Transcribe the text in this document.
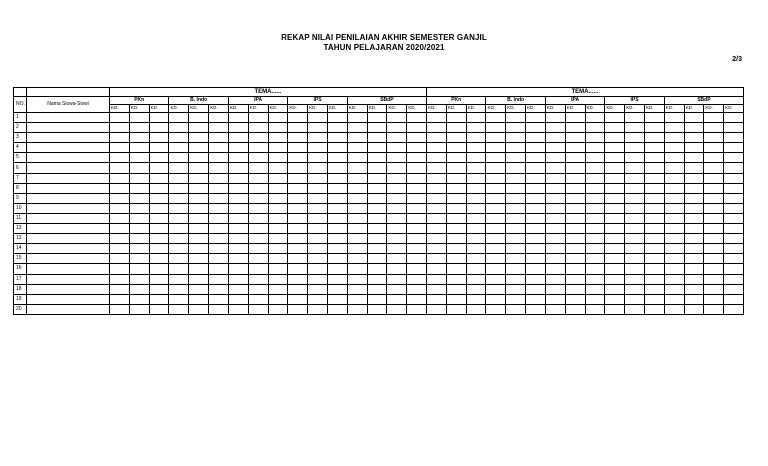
REKAP NILAI PENILAIAN AKHIR SEMESTER GANJIL
TAHUN PELAJARAN 2020/2021
2/3
		TEMA......																TEMA......															
NO.	Nama Siswa-Siswi	PKn			B. Indo			IPA			IPS			SBdP				PKn			B. Indo			IPA			IPS			SBdP			
		KD.	KD.	KD.	KD.	KD.	KD.	KD.	KD.	KD.	KD.	KD.	KD.	KD.	KD.	KD.	KD.	KD.	KD.	KD.	KD.	KD.	KD.	KD.	KD.	KD.	KD.	KD.	KD.	KD.	KD.	KD.	KD.
1																																	
2																																	
3																																	
4																																	
5																																	
6																																	
7																																	
8																																	
9																																	
10																																	
11																																	
12																																	
13																																	
14																																	
15																																	
16																																	
17																																	
18																																	
19																																	
20																																	
